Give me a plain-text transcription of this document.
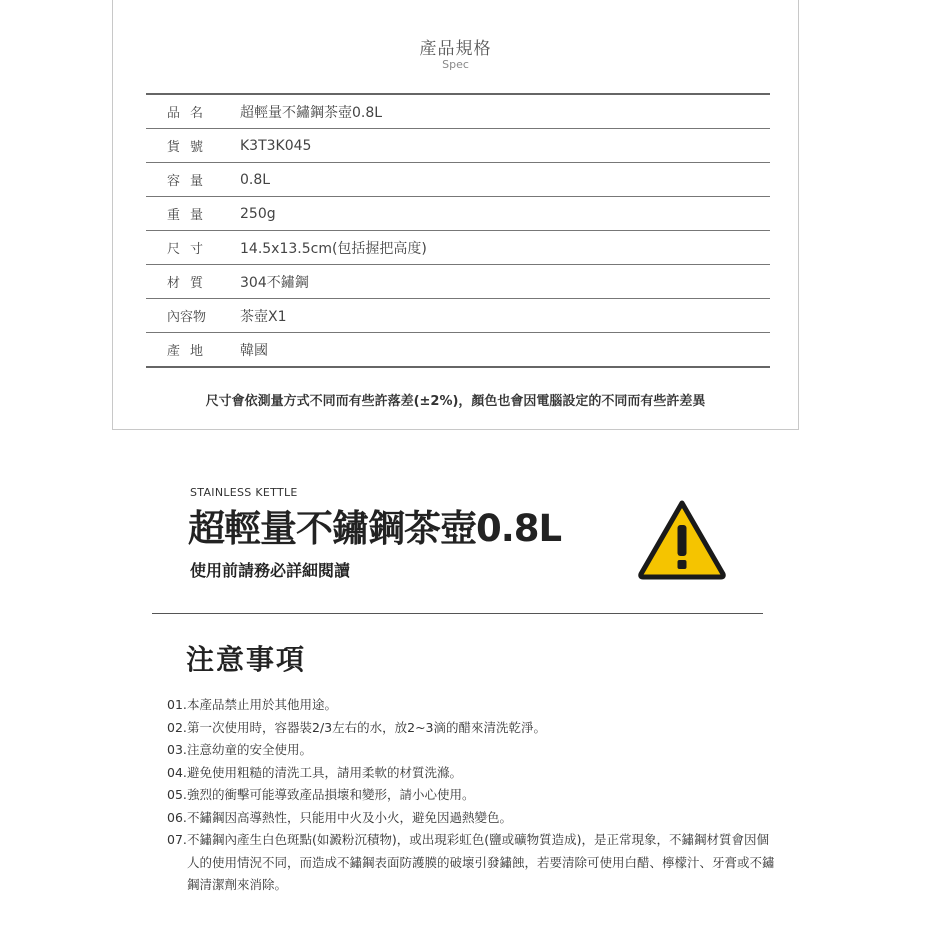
產品規格
Spec
品名	超輕量不鏽鋼茶壺0.8L
貨號	K3T3K045
容量	0.8L
重量	250g
尺寸	14.5x13.5cm(包括握把高度)
材質	304不鏽鋼
內容物	茶壺X1
產地	韓國
尺寸會依測量方式不同而有些許落差(±2%)，顏色也會因電腦設定的不同而有些許差異
STAINLESS KETTLE
超輕量不鏽鋼茶壺0.8L
使用前請務必詳細閱讀
注意事項
01. 本產品禁止用於其他用途。
02. 第一次使用時，容器裝2/3左右的水，放2~3滴的醋來清洗乾淨。
03. 注意幼童的安全使用。
04. 避免使用粗糙的清洗工具，請用柔軟的材質洗滌。
05. 強烈的衝擊可能導致產品損壞和變形，請小心使用。
06. 不鏽鋼因高導熱性，只能用中火及小火，避免因過熱變色。
07. 不鏽鋼內產生白色斑點(如澱粉沉積物)，或出現彩虹色(鹽或礦物質造成)，是正常現象，不鏽鋼材質會因個人的使用情況不同，而造成不鏽鋼表面防護膜的破壞引發鏽蝕，若要清除可使用白醋、檸檬汁、牙膏或不鏽鋼清潔劑來消除。
